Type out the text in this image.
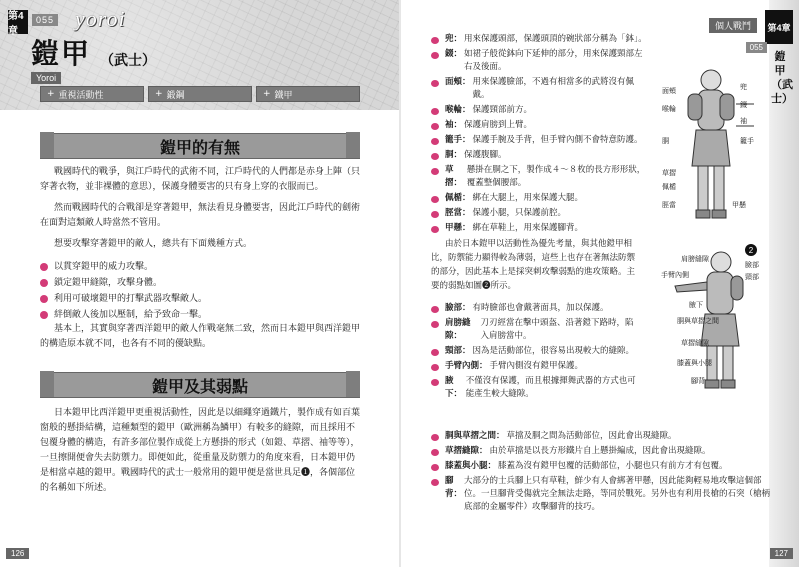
第4章
055 yoroi
鎧甲 （武士）
Yoroi
+ 重視活動性	+ 鍛鋼	+ 鐵甲
鎧甲的有無

戰國時代的戰爭，與江戶時代的武術不同，江戶時代的人們都是赤身上陣（只穿著衣物，並非裸體的意思），保護身體要害的只有身上穿的衣服而已。

然而戰國時代的合戰卻是穿著鎧甲，無法看見身體要害，因此江戶時代的劍術在面對這類敵人時當然不管用。

想要攻擊穿著鎧甲的敵人，總共有下面幾種方式。

以貫穿鎧甲的威力攻擊。
鎖定鎧甲縫隙，攻擊身體。
利用可破壞鎧甲的打擊武器攻擊敵人。
絆倒敵人後加以壓制，給予致命一擊。

基本上，其實與穿著西洋鎧甲的敵人作戰毫無二致，然而日本鎧甲與西洋鎧甲的構造原本就不同，也各有不同的優缺點。

鎧甲及其弱點

日本鎧甲比西洋鎧甲更重視活動性，因此是以細繩穿過鐵片，製作成有如百葉窗般的懸掛結構，這種類型的鎧甲（歐洲稱為鱗甲）有較多的縫隙，而且採用不包覆身體的構造，有許多部位製作成從上方懸掛的形式（如鎧、草摺、袖等等），一旦擦開便會失去防禦力。即便如此，從重量及防禦力的角度來看，日本鎧甲仍是相當卓越的鎧甲。戰國時代的武士一般常用的鎧甲便是當世具足❶，各個部位的名稱如下所述。

126
第4章
個人戰鬥
055
鎧甲（武士）
兜： 用來保護頭部，保護頭頂的碗狀部分稱為「鉢」。
錣： 如裙子般從鉢向下延伸的部分，用來保護頸部左右及後面。
面頰： 用來保護臉部，不過有相當多的武將沒有佩戴。
喉輪： 保護頸部前方。
袖： 保護肩膀到上臂。
籠手： 保護手腕及手背，但手臂內側不會特意防護。
胴： 保護腹腳。
草摺：
懸掛在胴之下，製作成４～８枚的長方形形狀，覆蓋整個腰部。
佩楯： 綁在大腿上，用來保護大腿。
脛當： 保護小腿，只保護前腔。
甲懸： 綁在草鞋上，用來保護腳背。
面頰	兜
喉輪	錣
袖
胴	籠手
草摺
佩楯
脛當	甲懸
由於日本鎧甲以活動性為優先考量，與其他鎧甲相比，防禦能力顯得較為薄弱，這些上也存在著無法防禦的部分，因此基本上是採突刺攻擊弱點的進攻策略。主要的弱點如圖❷所示。
臉部： 有時臉部也會戴著面具，加以保護。
肩膀縫隙：
刀刃經當在擊中頭盔、沿著鎧下路時，陷入肩膀當中。
頸部： 因為是活動部位，很容易出現較大的縫隙。
手臂內側： 手臂內側沒有鎧甲保護。
腋下：
不僅沒有保護，而且根據揮舞武器的方式也可能產生較大縫隙。
2
肩膀縫隙
手臂內側
臉部
頸部
腋下
胴與草摺之間
草摺縫隙
膝蓋與小腿
腳背
胴與草摺之間： 草擋及胴之間為活動部位，因此會出現縫隙。
草摺縫隙： 由於草擋是以長方形鐵片自上懸掛編成，因此會出現縫隙。
膝蓋與小腿： 膝蓋為沒有鎧甲包覆的活動部位，小腿也只有前方才有包覆。
腳背：
大部分的士兵腳上只有草鞋，鮮少有人會綁著甲懸，因此能夠輕易地攻擊這個部位。一旦腳背受傷就完全無法走路，等同於戰死。另外也有利用長槍的石突（槍柄底部的金屬零件）攻擊腳背的技巧。
127
